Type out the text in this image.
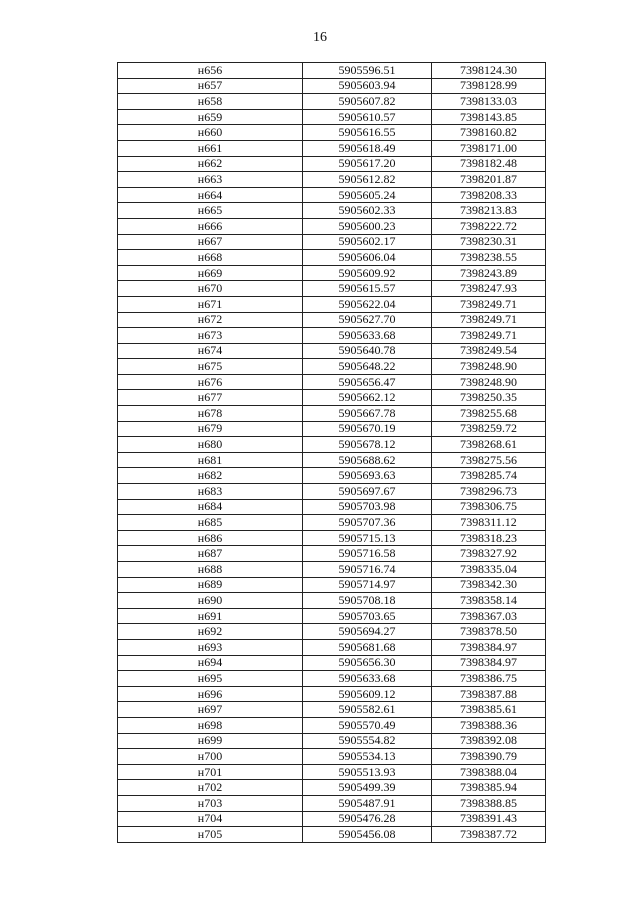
16
н656	5905596.51	7398124.30
н657	5905603.94	7398128.99
н658	5905607.82	7398133.03
н659	5905610.57	7398143.85
н660	5905616.55	7398160.82
н661	5905618.49	7398171.00
н662	5905617.20	7398182.48
н663	5905612.82	7398201.87
н664	5905605.24	7398208.33
н665	5905602.33	7398213.83
н666	5905600.23	7398222.72
н667	5905602.17	7398230.31
н668	5905606.04	7398238.55
н669	5905609.92	7398243.89
н670	5905615.57	7398247.93
н671	5905622.04	7398249.71
н672	5905627.70	7398249.71
н673	5905633.68	7398249.71
н674	5905640.78	7398249.54
н675	5905648.22	7398248.90
н676	5905656.47	7398248.90
н677	5905662.12	7398250.35
н678	5905667.78	7398255.68
н679	5905670.19	7398259.72
н680	5905678.12	7398268.61
н681	5905688.62	7398275.56
н682	5905693.63	7398285.74
н683	5905697.67	7398296.73
н684	5905703.98	7398306.75
н685	5905707.36	7398311.12
н686	5905715.13	7398318.23
н687	5905716.58	7398327.92
н688	5905716.74	7398335.04
н689	5905714.97	7398342.30
н690	5905708.18	7398358.14
н691	5905703.65	7398367.03
н692	5905694.27	7398378.50
н693	5905681.68	7398384.97
н694	5905656.30	7398384.97
н695	5905633.68	7398386.75
н696	5905609.12	7398387.88
н697	5905582.61	7398385.61
н698	5905570.49	7398388.36
н699	5905554.82	7398392.08
н700	5905534.13	7398390.79
н701	5905513.93	7398388.04
н702	5905499.39	7398385.94
н703	5905487.91	7398388.85
н704	5905476.28	7398391.43
н705	5905456.08	7398387.72
